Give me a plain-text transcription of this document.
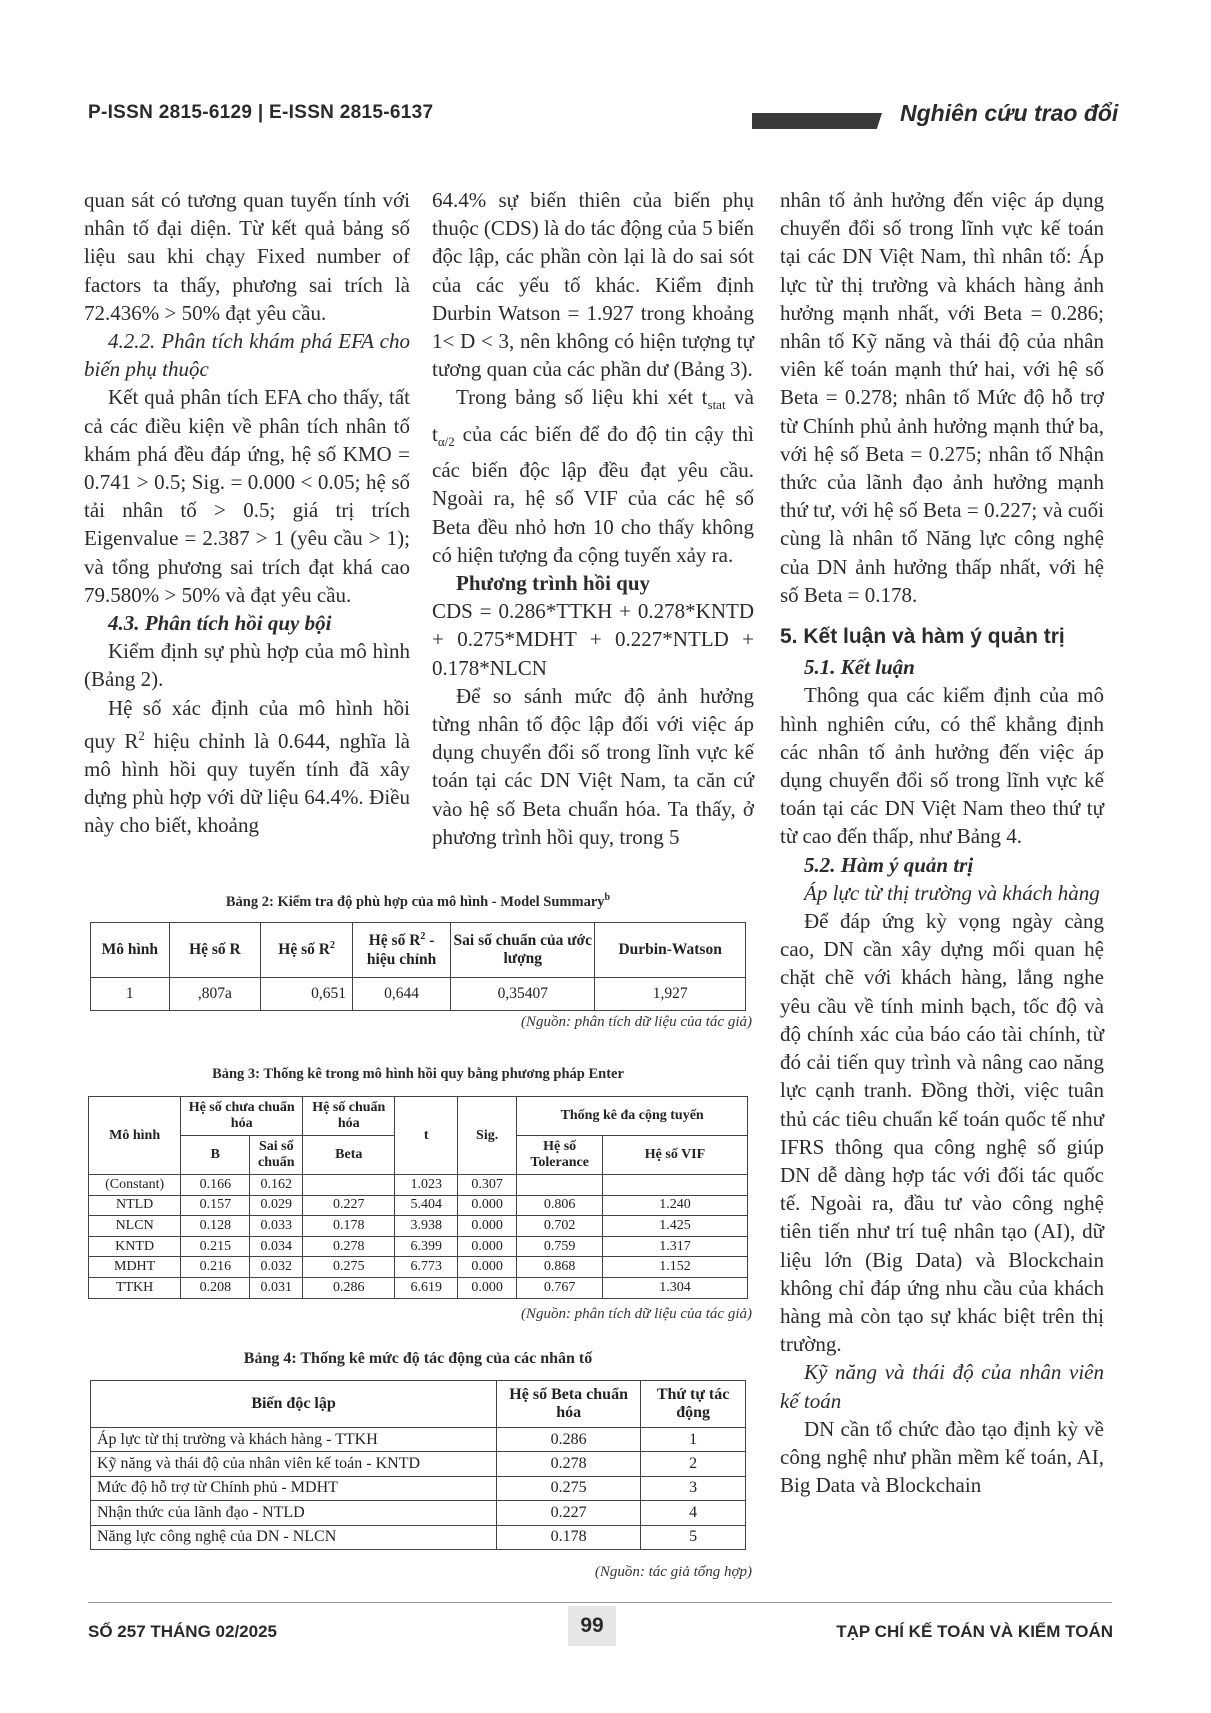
P-ISSN 2815-6129 | E-ISSN 2815-6137	Nghiên cứu trao đổi

quan sát có tương quan tuyến tính với nhân tố đại diện. Từ kết quả bảng số liệu sau khi chạy Fixed number of factors ta thấy, phương sai trích là 72.436% > 50% đạt yêu cầu.

4.2.2. Phân tích khám phá EFA cho biến phụ thuộc

Kết quả phân tích EFA cho thấy, tất cả các điều kiện về phân tích nhân tố khám phá đều đáp ứng, hệ số KMO = 0.741 > 0.5; Sig. = 0.000 < 0.05; hệ số tải nhân tố > 0.5; giá trị trích Eigenvalue = 2.387 > 1 (yêu cầu > 1); và tổng phương sai trích đạt khá cao 79.580% > 50% và đạt yêu cầu.

4.3. Phân tích hồi quy bội

Kiểm định sự phù hợp của mô hình (Bảng 2).

Hệ số xác định của mô hình hồi quy $R^2$ hiệu chỉnh là 0.644, nghĩa là mô hình hồi quy tuyến tính đã xây dựng phù hợp với dữ liệu 64.4%. Điều này cho biết, khoảng

64.4% sự biến thiên của biến phụ thuộc (CDS) là do tác động của 5 biến độc lập, các phần còn lại là do sai sót của các yếu tố khác. Kiểm định Durbin Watson = 1.927 trong khoảng 1< D < 3, nên không có hiện tượng tự tương quan của các phần dư (Bảng 3).

Trong bảng số liệu khi xét $t_{stat}$ và $t_{\alpha/2}$ của các biến để đo độ tin cậy thì các biến độc lập đều đạt yêu cầu. Ngoài ra, hệ số VIF của các hệ số Beta đều nhỏ hơn 10 cho thấy không có hiện tượng đa cộng tuyến xảy ra.

Phương trình hồi quy

CDS = 0.286*TTKH + 0.278*KNTD + 0.275*MDHT + 0.227*NTLD + 0.178*NLCN

Để so sánh mức độ ảnh hưởng từng nhân tố độc lập đối với việc áp dụng chuyển đổi số trong lĩnh vực kế toán tại các DN Việt Nam, ta căn cứ vào hệ số Beta chuẩn hóa. Ta thấy, ở phương trình hồi quy, trong 5

nhân tố ảnh hưởng đến việc áp dụng chuyển đổi số trong lĩnh vực kế toán tại các DN Việt Nam, thì nhân tố: Áp lực từ thị trường và khách hàng ảnh hưởng mạnh nhất, với Beta = 0.286; nhân tố Kỹ năng và thái độ của nhân viên kế toán mạnh thứ hai, với hệ số Beta = 0.278; nhân tố Mức độ hỗ trợ từ Chính phủ ảnh hưởng mạnh thứ ba, với hệ số Beta = 0.275; nhân tố Nhận thức của lãnh đạo ảnh hưởng mạnh thứ tư, với hệ số Beta = 0.227; và cuối cùng là nhân tố Năng lực công nghệ của DN ảnh hưởng thấp nhất, với hệ số Beta = 0.178.

5. Kết luận và hàm ý quản trị

5.1. Kết luận

Thông qua các kiểm định của mô hình nghiên cứu, có thể khẳng định các nhân tố ảnh hưởng đến việc áp dụng chuyển đổi số trong lĩnh vực kế toán tại các DN Việt Nam theo thứ tự từ cao đến thấp, như Bảng 4.

5.2. Hàm ý quản trị

Áp lực từ thị trường và khách hàng

Để đáp ứng kỳ vọng ngày càng cao, DN cần xây dựng mối quan hệ chặt chẽ với khách hàng, lắng nghe yêu cầu về tính minh bạch, tốc độ và độ chính xác của báo cáo tài chính, từ đó cải tiến quy trình và nâng cao năng lực cạnh tranh. Đồng thời, việc tuân thủ các tiêu chuẩn kế toán quốc tế như IFRS thông qua công nghệ số giúp DN dễ dàng hợp tác với đối tác quốc tế. Ngoài ra, đầu tư vào công nghệ tiên tiến như trí tuệ nhân tạo (AI), dữ liệu lớn (Big Data) và Blockchain không chỉ đáp ứng nhu cầu của khách hàng mà còn tạo sự khác biệt trên thị trường.

Kỹ năng và thái độ của nhân viên kế toán

DN cần tổ chức đào tạo định kỳ về công nghệ như phần mềm kế toán, AI, Big Data và Blockchain

Bảng 2: Kiểm tra độ phù hợp của mô hình - Model Summary$^b$
Mô hình	Hệ số R	Hệ số $R^2$	Hệ số $R^2$ - hiệu chỉnh	Sai số chuẩn của ước lượng	Durbin-Watson
1	,807a	0,651	0,644	0,35407	1,927
(Nguồn: phân tích dữ liệu của tác giả)
Bảng 3: Thống kê trong mô hình hồi quy bằng phương pháp Enter
Mô hình	Hệ số chưa chuẩn hóa		Hệ số chuẩn hóa	t	Sig.	Thống kê đa cộng tuyến	
	B	Sai số chuẩn	Beta			Hệ số Tolerance	Hệ số VIF
(Constant)	0.166	0.162		1.023	0.307		
NTLD	0.157	0.029	0.227	5.404	0.000	0.806	1.240
NLCN	0.128	0.033	0.178	3.938	0.000	0.702	1.425
KNTD	0.215	0.034	0.278	6.399	0.000	0.759	1.317
MDHT	0.216	0.032	0.275	6.773	0.000	0.868	1.152
TTKH	0.208	0.031	0.286	6.619	0.000	0.767	1.304
(Nguồn: phân tích dữ liệu của tác giả)
Bảng 4: Thống kê mức độ tác động của các nhân tố
Biến độc lập	Hệ số Beta chuẩn hóa	Thứ tự tác động
Áp lực từ thị trường và khách hàng - TTKH	0.286	1
Kỹ năng và thái độ của nhân viên kế toán - KNTD	0.278	2
Mức độ hỗ trợ từ Chính phủ - MDHT	0.275	3
Nhận thức của lãnh đạo - NTLD	0.227	4
Năng lực công nghệ của DN - NLCN	0.178	5
(Nguồn: tác giả tổng hợp)
SỐ 257 THÁNG 02/2025	99	TẠP CHÍ KẾ TOÁN VÀ KIỂM TOÁN
